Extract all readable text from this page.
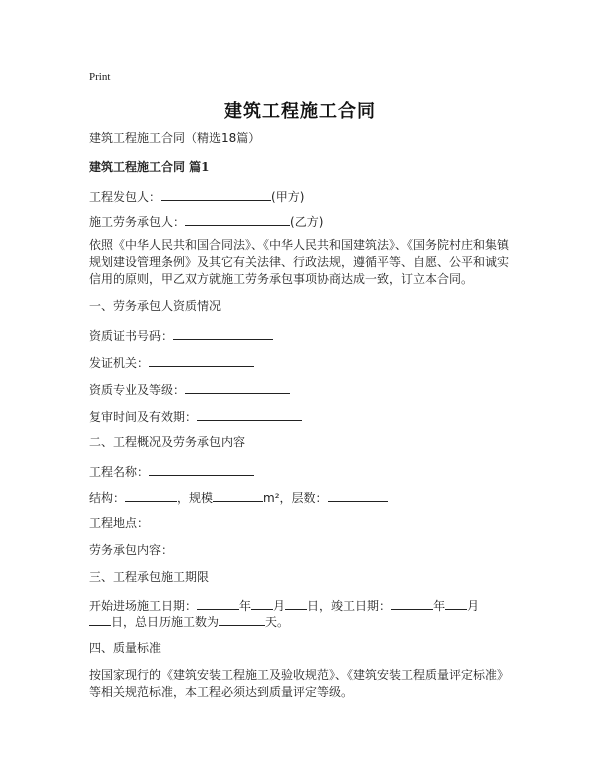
Print
建筑工程施工合同
建筑工程施工合同（精选18篇）
建筑工程施工合同 篇1
工程发包人：	(甲方)
施工劳务承包人：	(乙方)
依照《中华人民共和国合同法》、《中华人民共和国建筑法》、《国务院村庄和集镇规划建设管理条例》及其它有关法律、行政法规，遵循平等、自愿、公平和诚实信用的原则，甲乙双方就施工劳务承包事项协商达成一致，订立本合同。
一、劳务承包人资质情况
资质证书号码：
发证机关：
资质专业及等级：
复审时间及有效期：
二、工程概况及劳务承包内容
工程名称：
结构：	，规模	m²，层数：
工程地点：
劳务承包内容：
三、工程承包施工期限
开始进场施工日期：	年 月 日，竣工日期：	年 月
日，总日历施工数为	天。
四、质量标准
按国家现行的《建筑安装工程施工及验收规范》、《建筑安装工程质量评定标准》等相关规范标准，本工程必须达到质量评定等级。
